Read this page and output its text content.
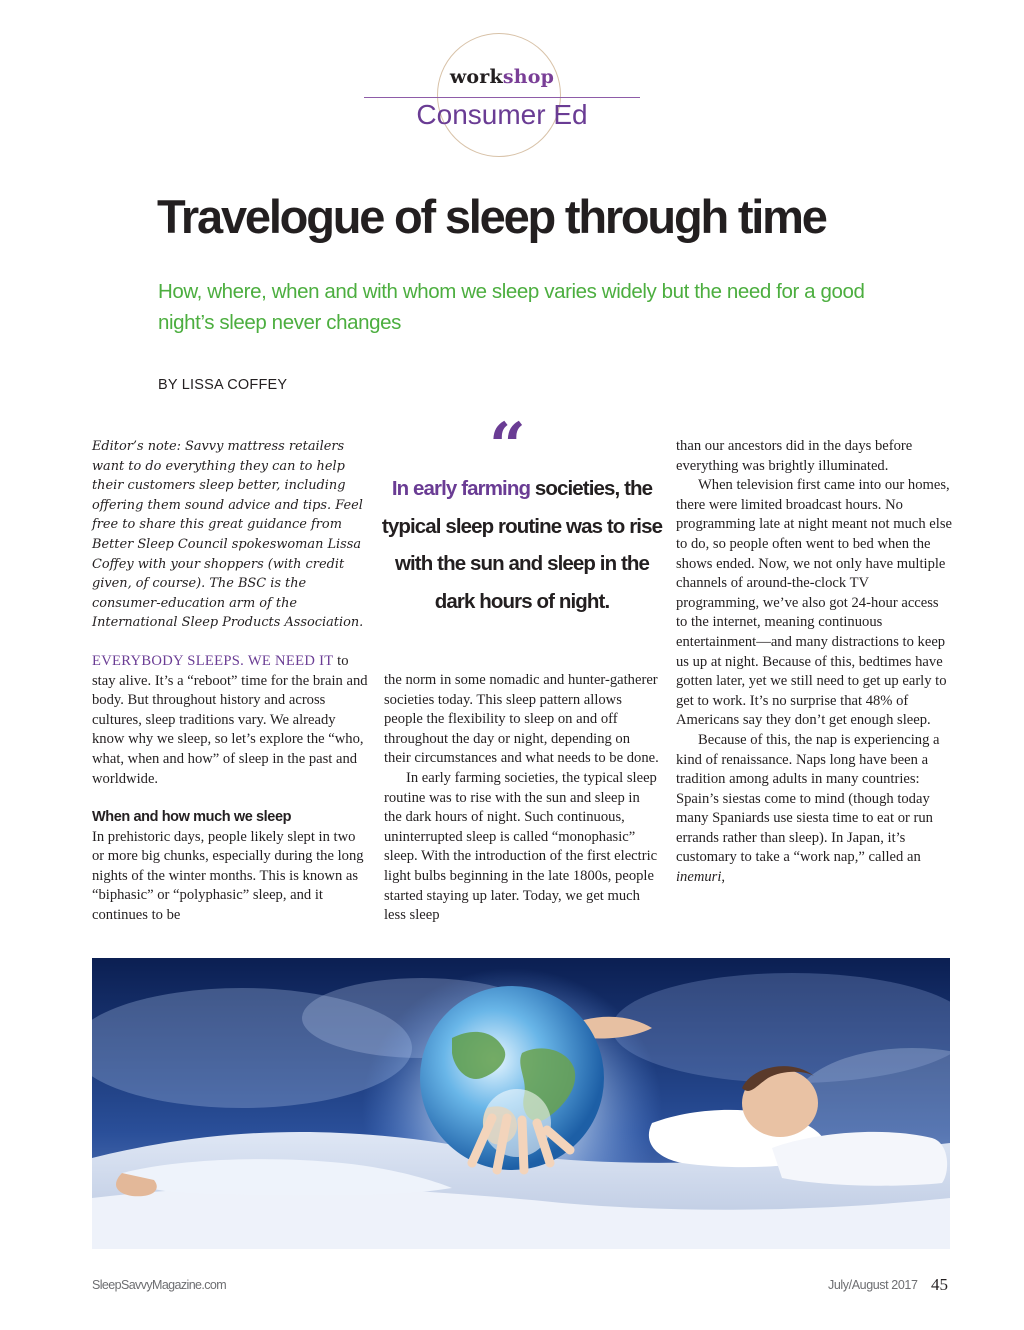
workshop
Consumer Ed
Travelogue of sleep through time
How, where, when and with whom we sleep varies widely but the need for a good night’s sleep never changes
BY LISSA COFFEY

Editor’s note: Savvy mattress retailers want to do everything they can to help their customers sleep better, including offering them sound advice and tips. Feel free to share this great guidance from Better Sleep Council spokeswoman Lissa Coffey with your shoppers (with credit given, of course). The BSC is the consumer-education arm of the International Sleep Products Association.

EVERYBODY SLEEPS. WE NEED IT to stay alive. It’s a “reboot” time for the brain and body. But throughout history and across cultures, sleep traditions vary. We already know why we sleep, so let’s explore the “who, what, when and how” of sleep in the past and worldwide.

When and how much we sleep

In prehistoric days, people likely slept in two or more big chunks, especially during the long nights of the winter months. This is known as “biphasic” or “polyphasic” sleep, and it continues to be

“
In early farming societies, the typical sleep routine was to rise with the sun and sleep in the dark hours of night.

the norm in some nomadic and hunter-gatherer societies today. This sleep pattern allows people the flexibility to sleep on and off throughout the day or night, depending on their circumstances and what needs to be done.

In early farming societies, the typical sleep routine was to rise with the sun and sleep in the dark hours of night. Such continuous, uninterrupted sleep is called “monophasic” sleep. With the introduction of the first electric light bulbs beginning in the late 1800s, people started staying up later. Today, we get much less sleep

than our ancestors did in the days before everything was brightly illuminated.

When television first came into our homes, there were limited broadcast hours. No programming late at night meant not much else to do, so people often went to bed when the shows ended. Now, we not only have multiple channels of around-the-clock TV programming, we’ve also got 24-hour access to the internet, meaning continuous entertainment—and many distractions to keep us up at night. Because of this, bedtimes have gotten later, yet we still need to get up early to get to work. It’s no surprise that 48% of Americans say they don’t get enough sleep.

Because of this, the nap is experiencing a kind of renaissance. Naps long have been a tradition among adults in many countries: Spain’s siestas come to mind (though today many Spaniards use siesta time to eat or run errands rather than sleep). In Japan, it’s customary to take a “work nap,” called an inemuri,

SleepSavvyMagazine.com	July/August 2017 45
